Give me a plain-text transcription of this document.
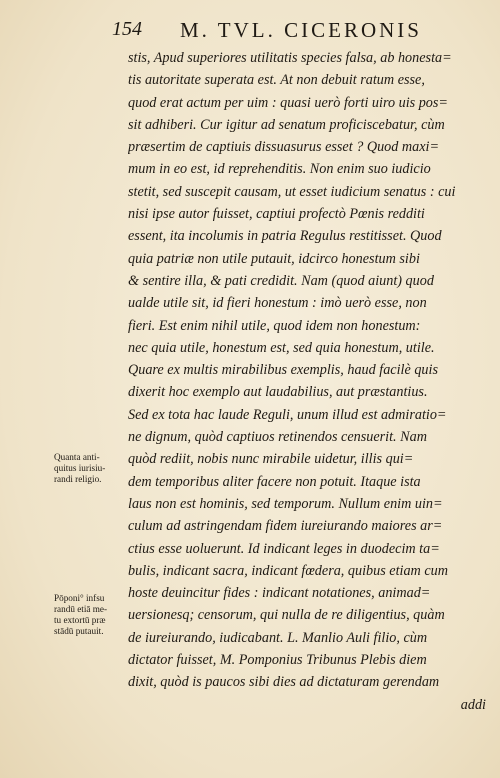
154 M. TVL. CICERONIS
stis, Apud superiores utilitatis species falsa, ab honesta=
tis autoritate superata est. At non debuit ratum esse,
quod erat actum per uim : quasi uerò forti uiro uis pos=
sit adhiberi. Cur igitur ad senatum proficiscebatur, cùm
præsertim de captiuis dissuasurus esset ? Quod maxi=
mum in eo est, id reprehenditis. Non enim suo iudicio
stetit, sed suscepit causam, ut esset iudicium senatus : cui
nisi ipse autor fuisset, captiui profectò Pœnis redditi
essent, ita incolumis in patria Regulus restitisset. Quod
quia patriæ non utile putauit, idcirco honestum sibi
& sentire illa, & pati credidit. Nam (quod aiunt) quod
ualde utile sit, id fieri honestum : imò uerò esse, non
fieri. Est enim nihil utile, quod idem non honestum:
nec quia utile, honestum est, sed quia honestum, utile.
Quare ex multis mirabilibus exemplis, haud facilè quis
dixerit hoc exemplo aut laudabilius, aut præstantius.
Sed ex tota hac laude Reguli, unum illud est admiratio=
ne dignum, quòd captiuos retinendos censuerit. Nam
quòd rediit, nobis nunc mirabile uidetur, illis qui=
dem temporibus aliter facere non potuit. Itaque ista
laus non est hominis, sed temporum. Nullum enim uin=
culum ad astringendam fidem iureiurando maiores ar=
ctius esse uoluerunt. Id indicant leges in duodecim ta=
bulis, indicant sacra, indicant fœdera, quibus etiam cum
hoste deuincitur fides : indicant notationes, animad=
uersionesq; censorum, qui nulla de re diligentius, quàm
de iureiurando, iudicabant. L. Manlio Auli filio, cùm
dictator fuisset, M. Pomponius Tribunus Plebis diem
dixit, quòd is paucos sibi dies ad dictaturam gerendam
addi
Quanta anti-
quitus iurisiu-
randi religio.
Pōponi° infsu
randū etiā me-
tu extortū præ
stādū putauit.
